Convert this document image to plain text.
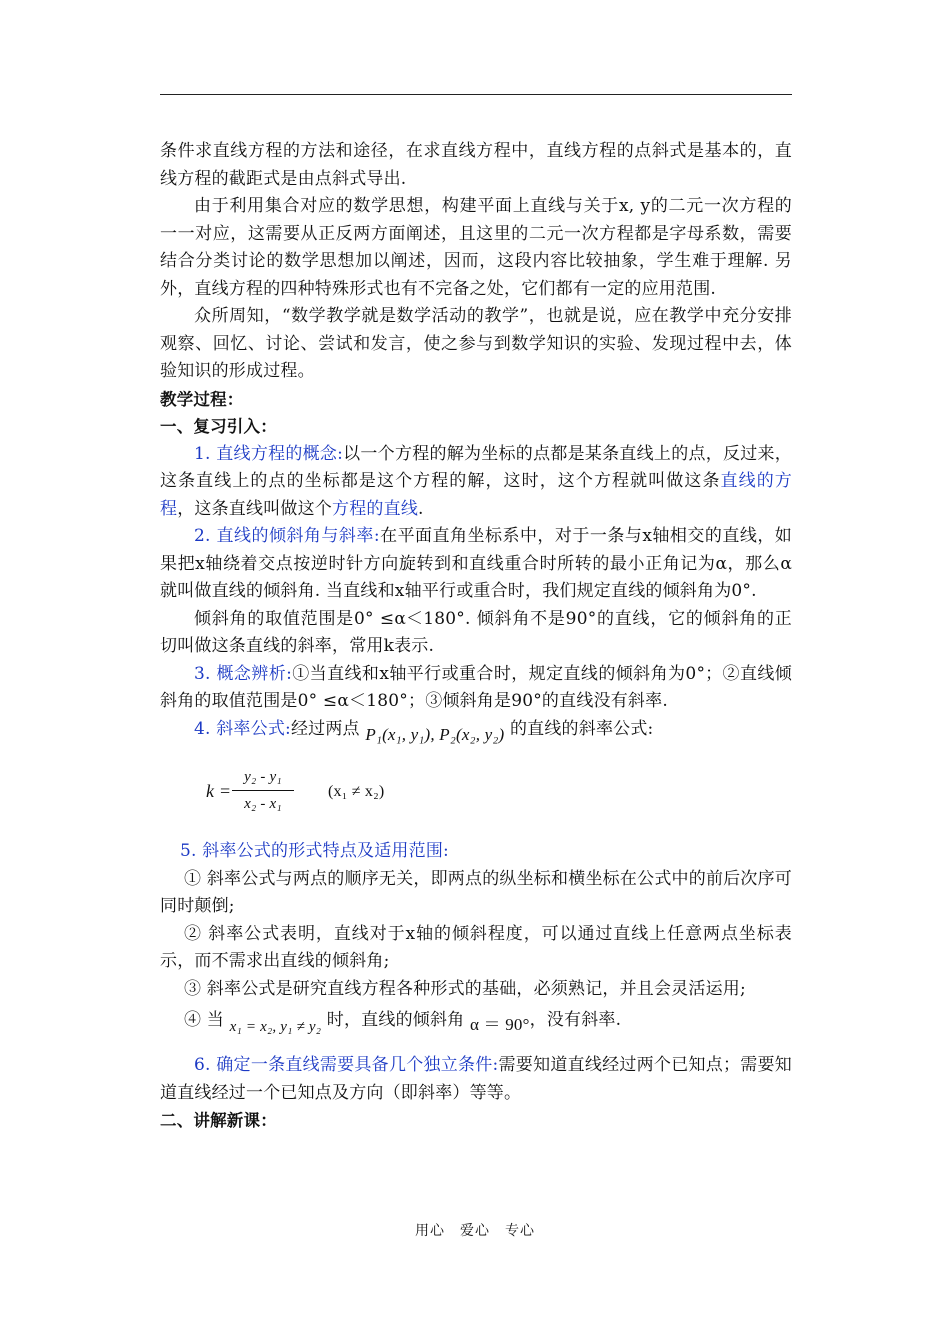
条件求直线方程的方法和途径，在求直线方程中，直线方程的点斜式是基本的，直线方程的截距式是由点斜式导出.

由于利用集合对应的数学思想，构建平面上直线与关于x, y的二元一次方程的一一对应，这需要从正反两方面阐述，且这里的二元一次方程都是字母系数，需要结合分类讨论的数学思想加以阐述，因而，这段内容比较抽象，学生难于理解. 另外，直线方程的四种特殊形式也有不完备之处，它们都有一定的应用范围.

众所周知，“数学教学就是数学活动的教学”，也就是说，应在教学中充分安排观察、回忆、讨论、尝试和发言，使之参与到数学知识的实验、发现过程中去，体验知识的形成过程。

教学过程：

一、复习引入：

1. 直线方程的概念:以一个方程的解为坐标的点都是某条直线上的点，反过来，这条直线上的点的坐标都是这个方程的解，这时，这个方程就叫做这条直线的方程，这条直线叫做这个方程的直线.

2. 直线的倾斜角与斜率:在平面直角坐标系中，对于一条与x轴相交的直线，如果把x轴绕着交点按逆时针方向旋转到和直线重合时所转的最小正角记为α，那么α就叫做直线的倾斜角. 当直线和x轴平行或重合时，我们规定直线的倾斜角为0°.

倾斜角的取值范围是0° ≤α＜180°. 倾斜角不是90°的直线，它的倾斜角的正切叫做这条直线的斜率，常用k表示.

3. 概念辨析:①当直线和x轴平行或重合时，规定直线的倾斜角为0°；②直线倾斜角的取值范围是0° ≤α＜180°；③倾斜角是90°的直线没有斜率.

4. 斜率公式:经过两点 P₁(x₁, y₁), P₂(x₂, y₂) 的直线的斜率公式:

$k = \frac{\text{y₂ - y₁}}{\text{x₂ - x₁}} (x_1 \ne x_2)$

5. 斜率公式的形式特点及适用范围:

① 斜率公式与两点的顺序无关，即两点的纵坐标和横坐标在公式中的前后次序可同时颠倒;

② 斜率公式表明，直线对于x轴的倾斜程度，可以通过直线上任意两点坐标表示，而不需求出直线的倾斜角;

③ 斜率公式是研究直线方程各种形式的基础，必须熟记，并且会灵活运用;

④ 当 x₁ = x₂, y₁ ≠ y₂ 时，直线的倾斜角 α ＝ 90°，没有斜率.

6. 确定一条直线需要具备几个独立条件:需要知道直线经过两个已知点；需要知道直线经过一个已知点及方向（即斜率）等等。

二、讲解新课：

用心　爱心　专心
